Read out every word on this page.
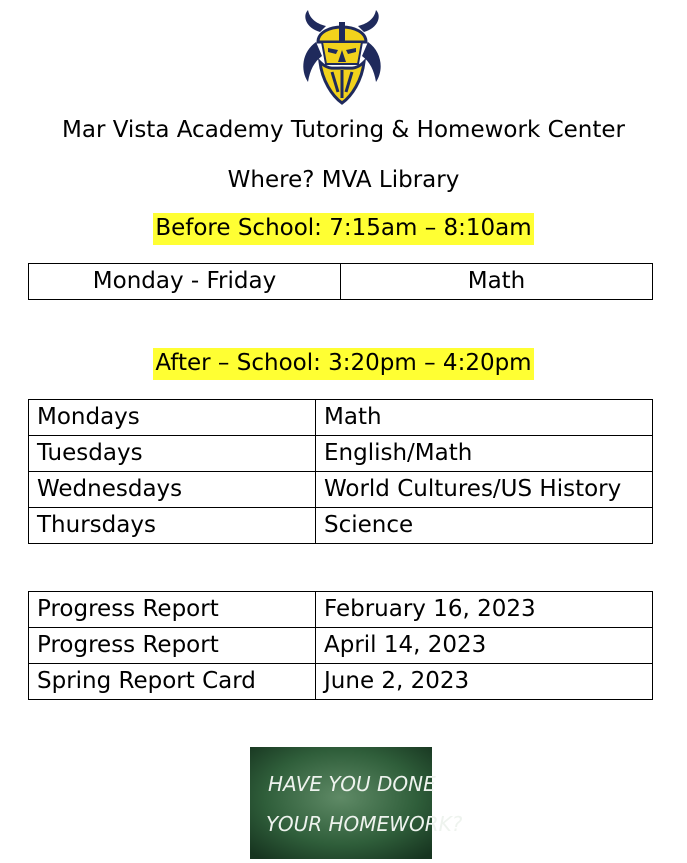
Mar Vista Academy Tutoring & Homework Center
Where? MVA Library
Before School: 7:15am – 8:10am
Monday - Friday	Math
After – School: 3:20pm – 4:20pm
Mondays	Math
Tuesdays	English/Math
Wednesdays	World Cultures/US History
Thursdays	Science
Progress Report	February 16, 2023
Progress Report	April 14, 2023
Spring Report Card	June 2, 2023
HAVE YOU DONE
YOUR HOMEWORK?
